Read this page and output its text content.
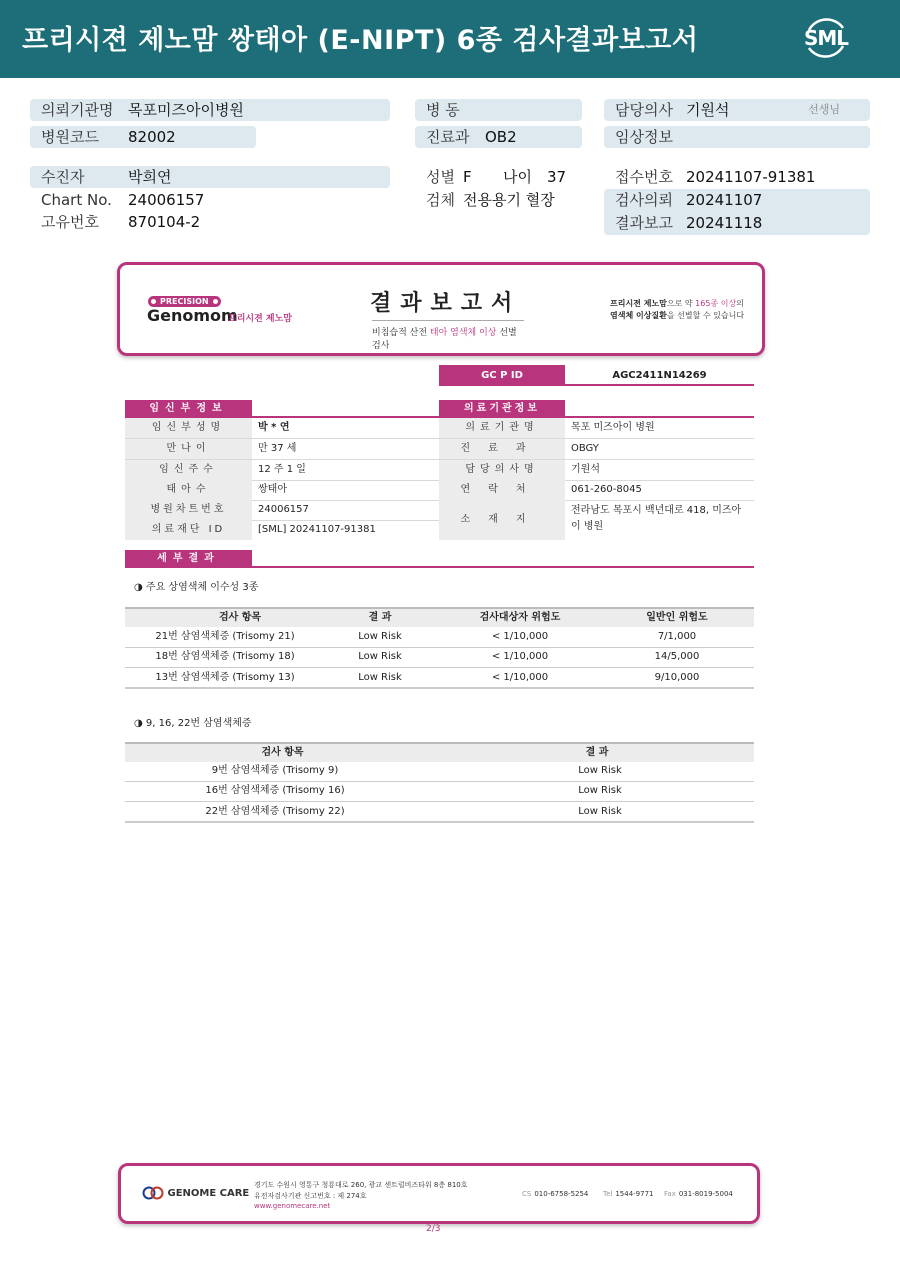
프리시젼 제노맘 쌍태아 (E-NIPT) 6종 검사결과보고서	SML
의뢰기관명 목포미즈아이병원
병원코드 82002
수진자	박희연
Chart No. 24006157
고유번호 870104-2
병 동
진료과 OB2
성별 F 나이 37
검체 전용용기 혈장
담당의사 기원석	선생님
임상정보
접수번호 20241107-91381
검사의뢰 20241107
결과보고 20241118
PRECISION
Genomom
프리시젼 제노맘
결과보고서
비침습적 산전 태아 염색체 이상 선별검사
프리시젼 제노맘으로 약 165종 이상의
염색체 이상질환을 선별할 수 있습니다
GC P ID	AGC2411N14269
임신부정보	의료기관정보
임신부성명	박 * 연
만나이	만 37 세
임신주수	12 주 1 일
태아수	쌍태아
병원차트번호	24006157
의료재단 ID	[SML] 20241107-91381
의료기관명	목포 미즈아이 병원
진료과	OBGY
담당의사명	기원석
연락처	061-260-8045
소재지
전라남도 목포시 백년대로 418, 미즈아
이 병원
세부결과
◑ 주요 상염색체 이수성 3종
검사 항목	결 과	검사대상자 위험도	일반인 위험도
21번 삼염색체증 (Trisomy 21)	Low Risk	< 1/10,000	7/1,000
18번 삼염색체증 (Trisomy 18)	Low Risk	< 1/10,000	14/5,000
13번 삼염색체증 (Trisomy 13)	Low Risk	< 1/10,000	9/10,000
◑ 9, 16, 22번 삼염색체증
검사 항목	결 과
9번 삼염색체증 (Trisomy 9)	Low Risk
16번 삼염색체증 (Trisomy 16)	Low Risk
22번 삼염색체증 (Trisomy 22)	Low Risk
GENOME CARE
경기도 수원시 영통구 청룡대로 260, 광교 센트럴비즈타워 8층 810호
유전자검사기관 신고번호 : 제 274호
www.genomecare.net
CS 010-6758-5254 Tel 1544-9771 Fax 031-8019-5004
2/3
